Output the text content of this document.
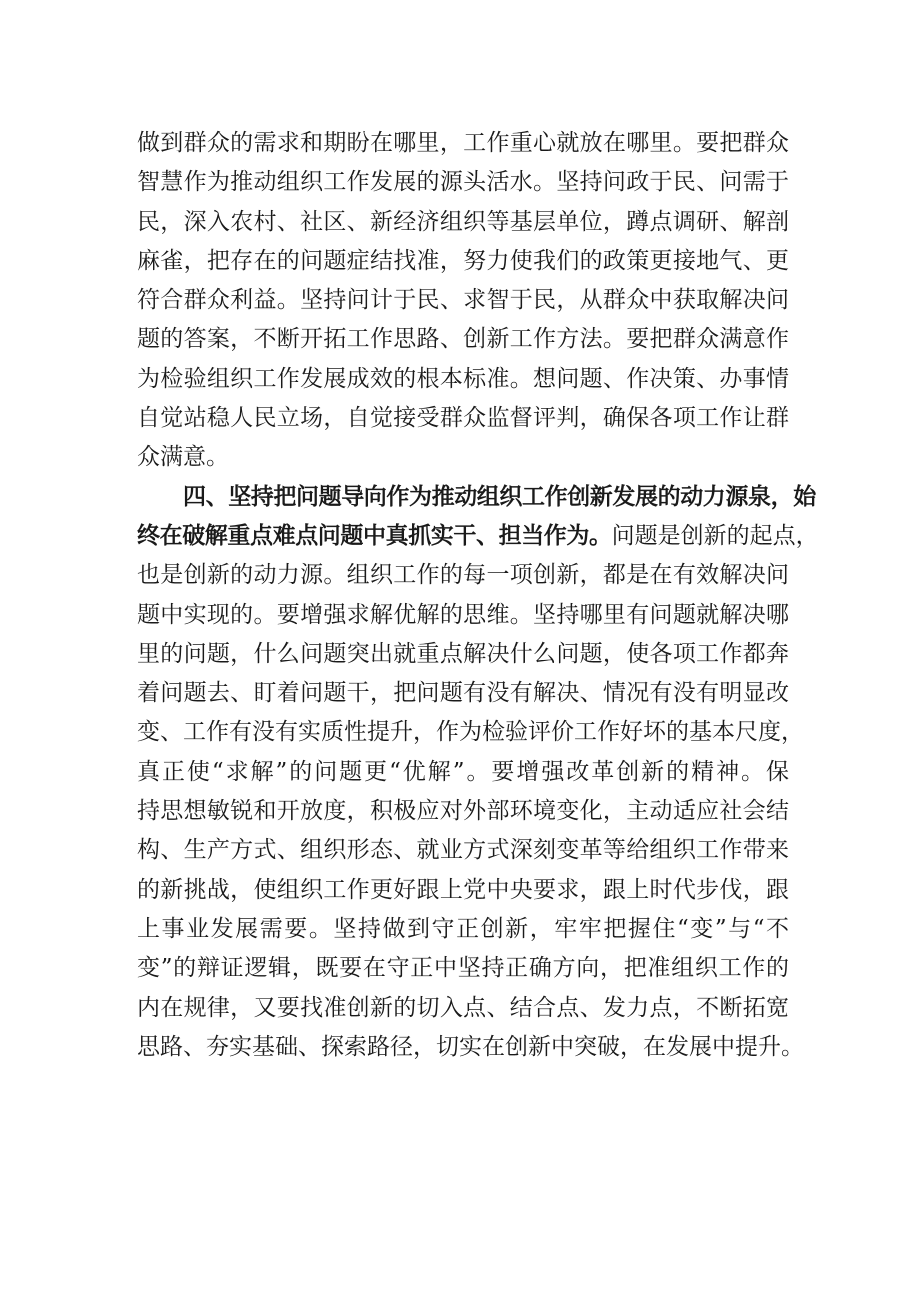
做到群众的需求和期盼在哪里，工作重心就放在哪里。要把群众
智慧作为推动组织工作发展的源头活水。坚持问政于民、问需于
民，深入农村、社区、新经济组织等基层单位，蹲点调研、解剖
麻雀，把存在的问题症结找准，努力使我们的政策更接地气、更
符合群众利益。坚持问计于民、求智于民，从群众中获取解决问
题的答案，不断开拓工作思路、创新工作方法。要把群众满意作
为检验组织工作发展成效的根本标准。想问题、作决策、办事情
自觉站稳人民立场，自觉接受群众监督评判，确保各项工作让群
众满意。
四、坚持把问题导向作为推动组织工作创新发展的动力源泉，始
终在破解重点难点问题中真抓实干、担当作为。问题是创新的起点，
也是创新的动力源。组织工作的每一项创新，都是在有效解决问
题中实现的。要增强求解优解的思维。坚持哪里有问题就解决哪
里的问题，什么问题突出就重点解决什么问题，使各项工作都奔
着问题去、盯着问题干，把问题有没有解决、情况有没有明显改
变、工作有没有实质性提升，作为检验评价工作好坏的基本尺度，
真正使“求解”的问题更“优解”。要增强改革创新的精神。保
持思想敏锐和开放度，积极应对外部环境变化，主动适应社会结
构、生产方式、组织形态、就业方式深刻变革等给组织工作带来
的新挑战，使组织工作更好跟上党中央要求，跟上时代步伐，跟
上事业发展需要。坚持做到守正创新，牢牢把握住“变”与“不
变”的辩证逻辑，既要在守正中坚持正确方向，把准组织工作的
内在规律，又要找准创新的切入点、结合点、发力点，不断拓宽
思路、夯实基础、探索路径，切实在创新中突破，在发展中提升。
